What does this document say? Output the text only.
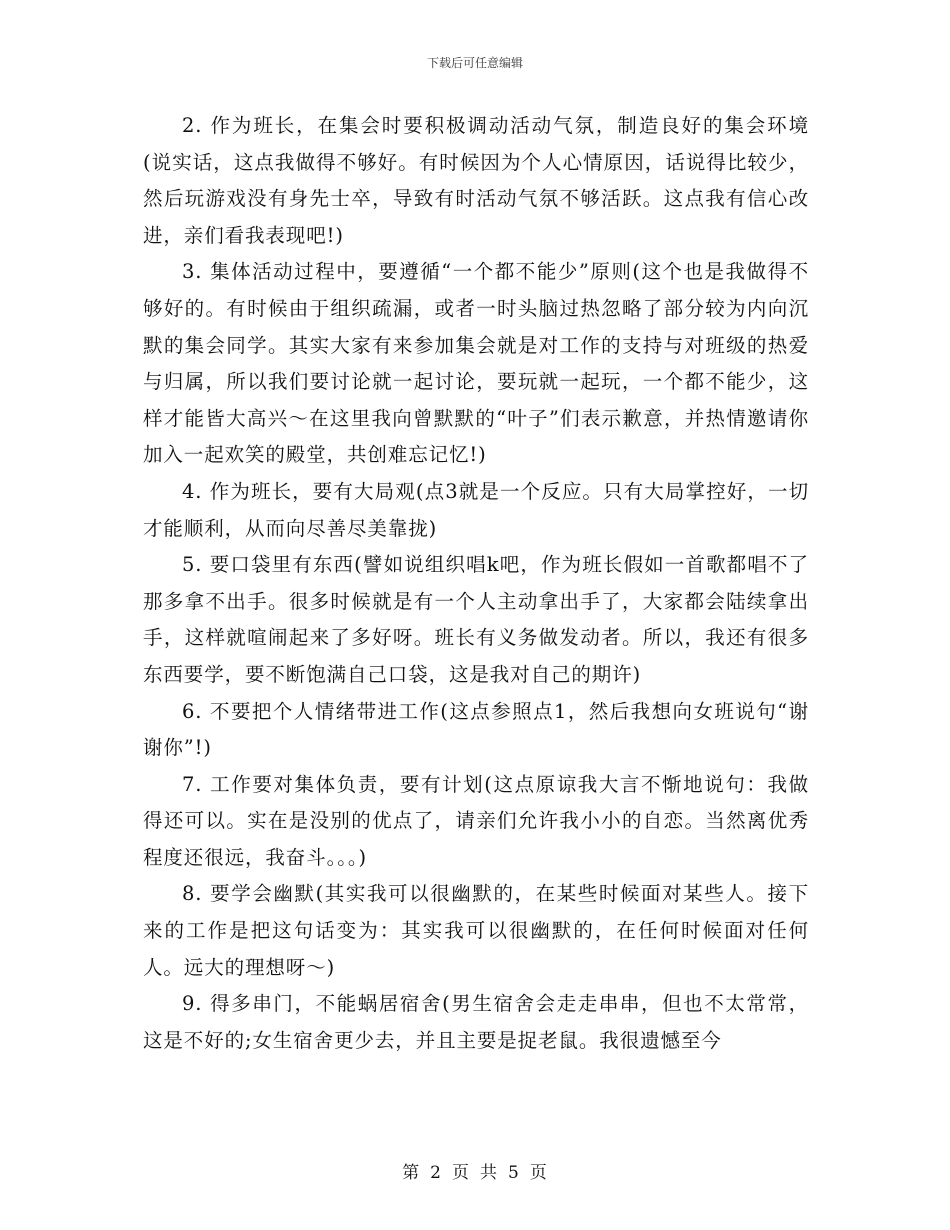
下载后可任意编辑

2. 作为班长，在集会时要积极调动活动气氛，制造良好的集会环境(说实话，这点我做得不够好。有时候因为个人心情原因，话说得比较少，然后玩游戏没有身先士卒，导致有时活动气氛不够活跃。这点我有信心改进，亲们看我表现吧!)

3. 集体活动过程中，要遵循“一个都不能少”原则(这个也是我做得不够好的。有时候由于组织疏漏，或者一时头脑过热忽略了部分较为内向沉默的集会同学。其实大家有来参加集会就是对工作的支持与对班级的热爱与归属，所以我们要讨论就一起讨论，要玩就一起玩，一个都不能少，这样才能皆大高兴～在这里我向曾默默的“叶子”们表示歉意，并热情邀请你加入一起欢笑的殿堂，共创难忘记忆!)

4. 作为班长，要有大局观(点3就是一个反应。只有大局掌控好，一切才能顺利，从而向尽善尽美靠拢)

5. 要口袋里有东西(譬如说组织唱k吧，作为班长假如一首歌都唱不了那多拿不出手。很多时候就是有一个人主动拿出手了，大家都会陆续拿出手，这样就喧闹起来了多好呀。班长有义务做发动者。所以，我还有很多东西要学，要不断饱满自己口袋，这是我对自己的期许)

6. 不要把个人情绪带进工作(这点参照点1，然后我想向女班说句“谢谢你”!)

7. 工作要对集体负责，要有计划(这点原谅我大言不惭地说句：我做得还可以。实在是没别的优点了，请亲们允许我小小的自恋。当然离优秀程度还很远，我奋斗。。。)

8. 要学会幽默(其实我可以很幽默的，在某些时候面对某些人。接下来的工作是把这句话变为：其实我可以很幽默的，在任何时候面对任何人。远大的理想呀～)

9. 得多串门，不能蜗居宿舍(男生宿舍会走走串串，但也不太常常，这是不好的;女生宿舍更少去，并且主要是捉老鼠。我很遗憾至今

第 2 页 共 5 页
